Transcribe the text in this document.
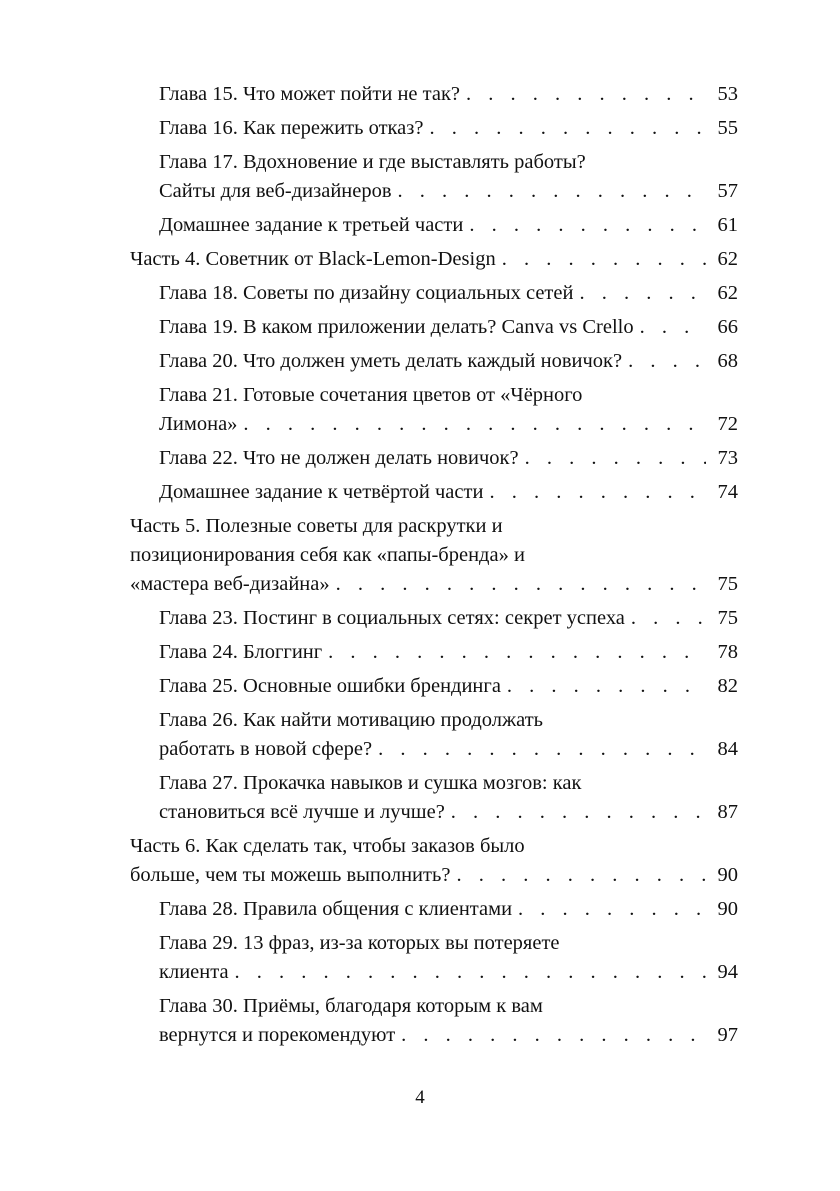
Глава 15. Что может пойти не так? . . .	53
Глава 16. Как пережить отказ? . . .	55
Глава 17. Вдохновение и где выставлять работы?
Сайты для веб-дизайнеров . . .	57
Домашнее задание к третьей части . . .	61
Часть 4. Советник от Black-Lemon-Design . . .	62
Глава 18. Советы по дизайну социальных сетей . . .	62
Глава 19. В каком приложении делать? Canva vs Crello . . .	66
Глава 20. Что должен уметь делать каждый новичок? . . .	68
Глава 21. Готовые сочетания цветов от «Чёрного
Лимона» . . .	72
Глава 22. Что не должен делать новичок? . . .	73
Домашнее задание к четвёртой части . . .	74
Часть 5. Полезные советы для раскрутки и
позиционирования себя как «папы-бренда» и
«мастера веб-дизайна» . . .	75
Глава 23. Постинг в социальных сетях: секрет успеха . . .	75
Глава 24. Блоггинг . . .	78
Глава 25. Основные ошибки брендинга . . .	82
Глава 26. Как найти мотивацию продолжать
работать в новой сфере? . . .	84
Глава 27. Прокачка навыков и сушка мозгов: как
становиться всё лучше и лучше? . . .	87
Часть 6. Как сделать так, чтобы заказов было
больше, чем ты можешь выполнить? . . .	90
Глава 28. Правила общения с клиентами . . .	90
Глава 29. 13 фраз, из-за которых вы потеряете
клиента . . .	94
Глава 30. Приёмы, благодаря которым к вам
вернутся и порекомендуют . . .	97
4
